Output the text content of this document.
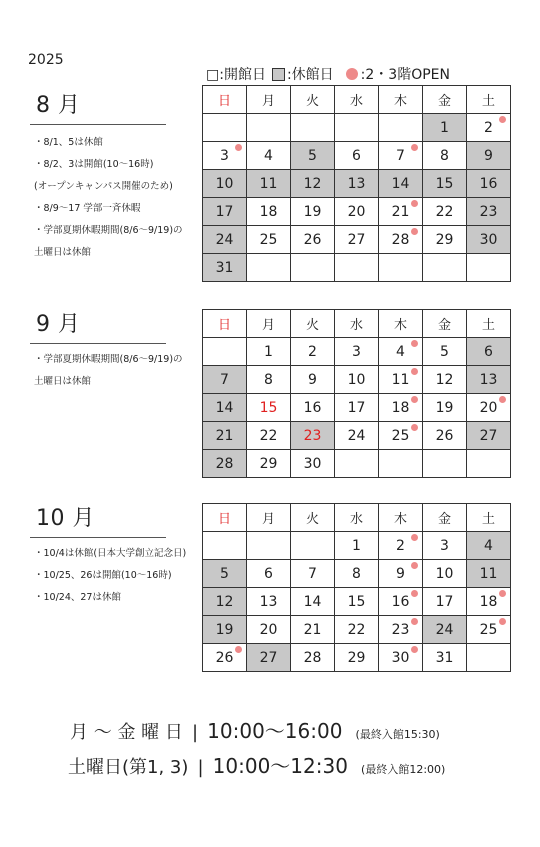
2025
□:開館日 :休館日 :2・3階OPEN
8 月
・8/1、5は休館
・8/2、3は開館(10〜16時)
(オープンキャンパス開催のため)
・8/9〜17 学部一斉休暇
・学部夏期休暇期間(8/6〜9/19)の
土曜日は休館
日	月	火	水	木	金	土
					1	2

3	4	5	6	7	8	9
10	11	12	13	14	15	16
17	18	19	20	21	22	23
24	25	26	27	28	29	30
31						
9 月
・学部夏期休暇期間(8/6〜9/19)の
土曜日は休館
日	月	火	水	木	金	土
	1	2	3	4	5	6
7	8	9	10	11	12	13
14	15	16	17	18	19	20

21	22	23	24	25	26	27
28	29	30				
10 月
・10/4は休館(日本大学創立記念日)
・10/25、26は開館(10〜16時)
・10/24、27は休館
日	月	火	水	木	金	土
			1	2	3	4
5	6	7	8	9	10	11
12	13	14	15	16	17	18

19	20	21	22	23	24	25

26	27	28	29	30	31	
月 〜 金 曜 日 | 10:00〜16:00 (最終入館15:30)
土曜日(第1, 3) | 10:00〜12:30 (最終入館12:00)
